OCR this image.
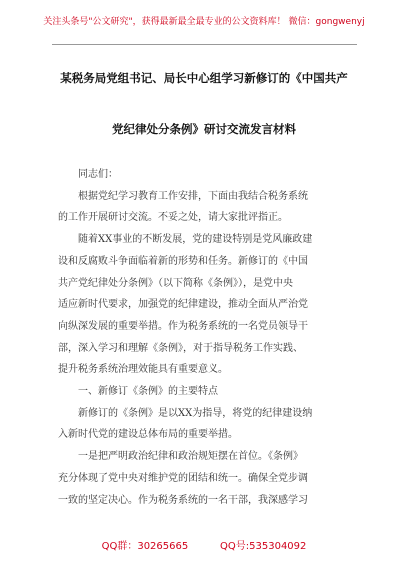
关注头条号"公文研究"，获得最新最全最专业的公文资料库！ 微信：gongwenyj
某税务局党组书记、局长中心组学习新修订的《中国共产
党纪律处分条例》研讨交流发言材料

同志们：

根据党纪学习教育工作安排，下面由我结合税务系统

的工作开展研讨交流。不妥之处，请大家批评指正。

随着XX事业的不断发展，党的建设特别是党风廉政建

设和反腐败斗争面临着新的形势和任务。新修订的《中国

共产党纪律处分条例》（以下简称《条例》），是党中央

适应新时代要求，加强党的纪律建设，推动全面从严治党

向纵深发展的重要举措。作为税务系统的一名党员领导干

部，深入学习和理解《条例》，对于指导税务工作实践、

提升税务系统治理效能具有重要意义。

一、新修订《条例》的主要特点

新修订的《条例》是以XX为指导，将党的纪律建设纳

入新时代党的建设总体布局的重要举措。

一是把严明政治纪律和政治规矩摆在首位。《条例》

充分体现了党中央对维护党的团结和统一。确保全党步调

一致的坚定决心。作为税务系统的一名干部，我深感学习

QQ群：30265665          QQ号:535304092
